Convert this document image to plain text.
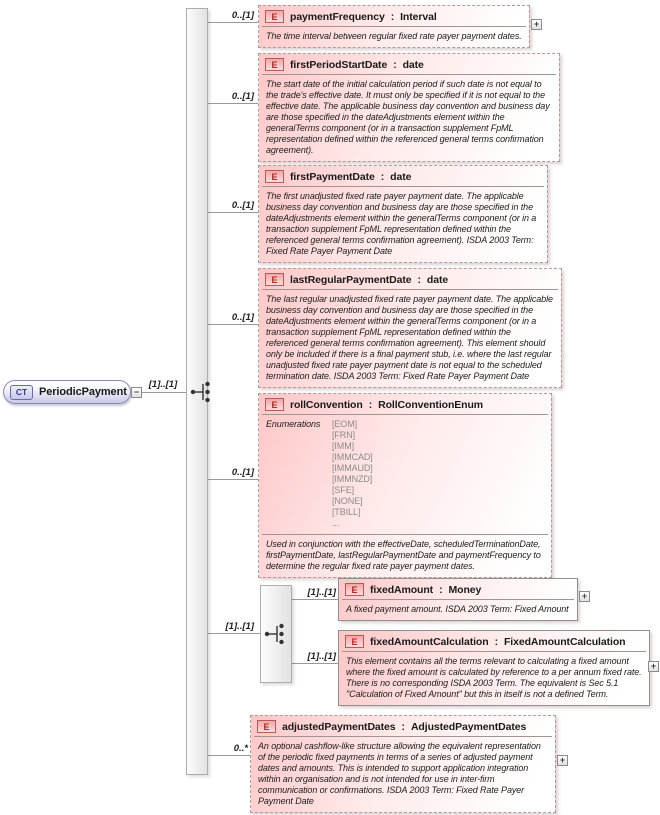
[1]..[1]
0..[1]
0..[1]
0..[1]
0..[1]
0..[1]
[1]..[1]
0..*
[1]..[1]
[1]..[1]
CT	PeriodicPayment −
E	paymentFrequency : Interval
The time interval between regular fixed rate payer payment dates.
+
E	firstPeriodStartDate : date
The start date of the initial calculation period if such date is not equal to the trade's effective date. It must only be specified if it is not equal to the effective date. The applicable business day convention and business day are those specified in the dateAdjustments element within the generalTerms component (or in a transaction supplement FpML representation defined within the referenced general terms confirmation agreement).
E	firstPaymentDate : date
The first unadjusted fixed rate payer payment date. The applicable business day convention and business day are those specified in the dateAdjustments element within the generalTerms component (or in a transaction supplement FpML representation defined within the referenced general terms confirmation agreement). ISDA 2003 Term: Fixed Rate Payer Payment Date
E	lastRegularPaymentDate : date
The last regular unadjusted fixed rate payer payment date. The applicable business day convention and business day are those specified in the dateAdjustments element within the generalTerms component (or in a transaction supplement FpML representation defined within the referenced general terms confirmation agreement). This element should only be included if there is a final payment stub, i.e. where the last regular unadjusted fixed rate payer payment date is not equal to the scheduled termination date. ISDA 2003 Term: Fixed Rate Payer Payment Date
E	rollConvention : RollConventionEnum
Enumerations	[EOM]
[FRN]
[IMM]
[IMMCAD]
[IMMAUD]
[IMMNZD]
[SFE]
[NONE]
[TBILL]
...
Used in conjunction with the effectiveDate, scheduledTerminationDate, firstPaymentDate, lastRegularPaymentDate and paymentFrequency to determine the regular fixed rate payer payment dates.
E	fixedAmount : Money
A fixed payment amount. ISDA 2003 Term: Fixed Amount
+
E	fixedAmountCalculation : FixedAmountCalculation
This element contains all the terms relevant to calculating a fixed amount where the fixed amount is calculated by reference to a per annum fixed rate. There is no corresponding ISDA 2003 Term. The equivalent is Sec 5.1 "Calculation of Fixed Amount" but this in itself is not a defined Term.
+
E	adjustedPaymentDates : AdjustedPaymentDates
An optional cashflow-like structure allowing the equivalent representation of the periodic fixed payments in terms of a series of adjusted payment dates and amounts. This is intended to support application integration within an organisation and is not intended for use in inter-firm communication or confirmations. ISDA 2003 Term: Fixed Rate Payer Payment Date
+
